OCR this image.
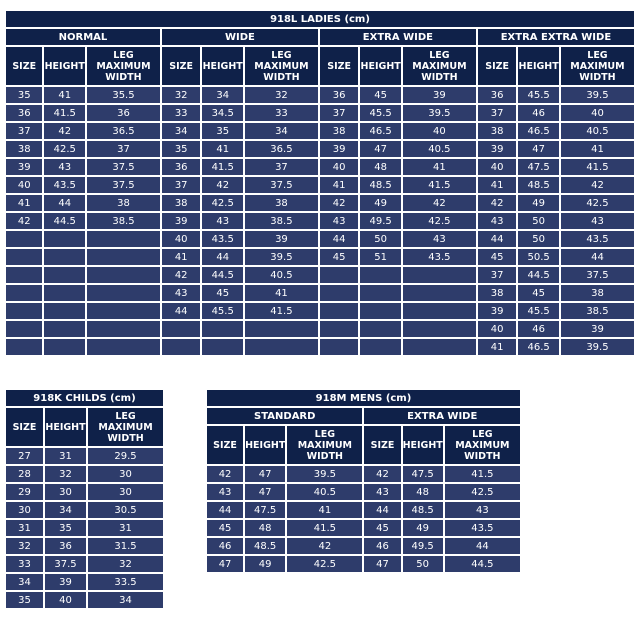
918L LADIES (cm)											
NORMAL			WIDE			EXTRA WIDE			EXTRA EXTRA WIDE		
SIZE	HEIGHT	LEG MAXIMUM WIDTH	SIZE	HEIGHT	LEG MAXIMUM WIDTH	SIZE	HEIGHT	LEG MAXIMUM WIDTH	SIZE	HEIGHT	LEG MAXIMUM WIDTH
35	41	35.5	32	34	32	36	45	39	36	45.5	39.5
36	41.5	36	33	34.5	33	37	45.5	39.5	37	46	40
37	42	36.5	34	35	34	38	46.5	40	38	46.5	40.5
38	42.5	37	35	41	36.5	39	47	40.5	39	47	41
39	43	37.5	36	41.5	37	40	48	41	40	47.5	41.5
40	43.5	37.5	37	42	37.5	41	48.5	41.5	41	48.5	42
41	44	38	38	42.5	38	42	49	42	42	49	42.5
42	44.5	38.5	39	43	38.5	43	49.5	42.5	43	50	43
			40	43.5	39	44	50	43	44	50	43.5
			41	44	39.5	45	51	43.5	45	50.5	44
			42	44.5	40.5				37	44.5	37.5
			43	45	41				38	45	38
			44	45.5	41.5				39	45.5	38.5
									40	46	39
									41	46.5	39.5
918K CHILDS (cm)		
SIZE	HEIGHT	LEG MAXIMUM WIDTH
27	31	29.5
28	32	30
29	30	30
30	34	30.5
31	35	31
32	36	31.5
33	37.5	32
34	39	33.5
35	40	34
918M MENS (cm)					
STANDARD			EXTRA WIDE		
SIZE	HEIGHT	LEG MAXIMUM WIDTH	SIZE	HEIGHT	LEG MAXIMUM WIDTH
42	47	39.5	42	47.5	41.5
43	47	40.5	43	48	42.5
44	47.5	41	44	48.5	43
45	48	41.5	45	49	43.5
46	48.5	42	46	49.5	44
47	49	42.5	47	50	44.5
